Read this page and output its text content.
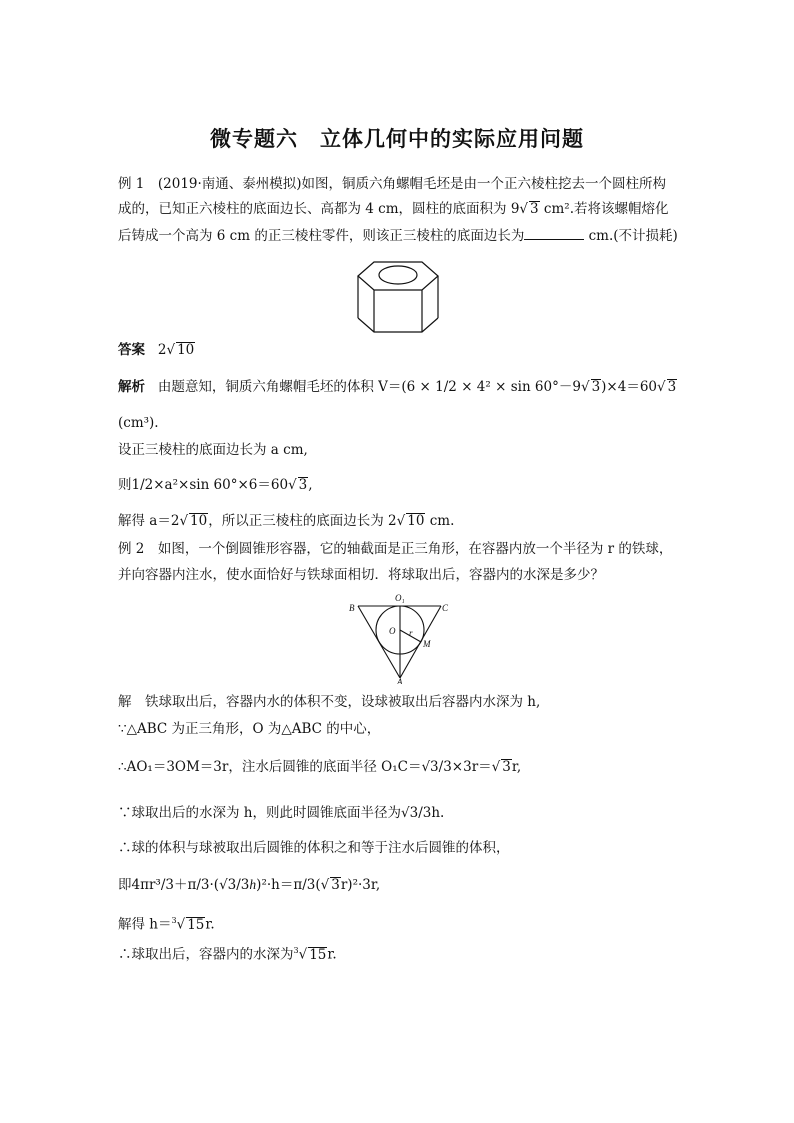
微专题六　立体几何中的实际应用问题
例 1　(2019·南通、泰州模拟)如图，铜质六角螺帽毛坯是由一个正六棱柱挖去一个圆柱所构
成的，已知正六棱柱的底面边长、高都为 4 cm，圆柱的底面积为 9√ 3 cm².若将该螺帽熔化
后铸成一个高为 6 cm 的正三棱柱零件，则该正三棱柱的底面边长为	cm.(不计损耗)
答案 2√ 10
解析 由题意知，铜质六角螺帽毛坯的体积 V＝(6 × 1/2 × 4² × sin 60°－9√ 3)×4＝60√ 3
(cm³).
设正三棱柱的底面边长为 a cm,
则1/2×a²×sin 60°×6＝60√ 3,
解得 a＝2√ 10，所以正三棱柱的底面边长为 2√ 10 cm.
例 2　如图，一个倒圆锥形容器，它的轴截面是正三角形，在容器内放一个半径为 r 的铁球，
并向容器内注水，使水面恰好与铁球面相切．将球取出后，容器内的水深是多少？
B
O₁
C
O r
M
A
解　铁球取出后，容器内水的体积不变，设球被取出后容器内水深为 h,
∵△ABC 为正三角形，O 为△ABC 的中心，
∴AO₁＝3OM＝3r，注水后圆锥的底面半径 O₁C＝√3/3×3r＝√ 3r,
∵球取出后的水深为 h，则此时圆锥底面半径为√3/3h.
∴球的体积与球被取出后圆锥的体积之和等于注水后圆锥的体积，
即4πr³/3＋π/3·(√3/3h)²·h＝π/3(√ 3r)²·3r,
解得 h＝$^3$√ 15r.
∴球取出后，容器内的水深为$^3$√ 15r.
